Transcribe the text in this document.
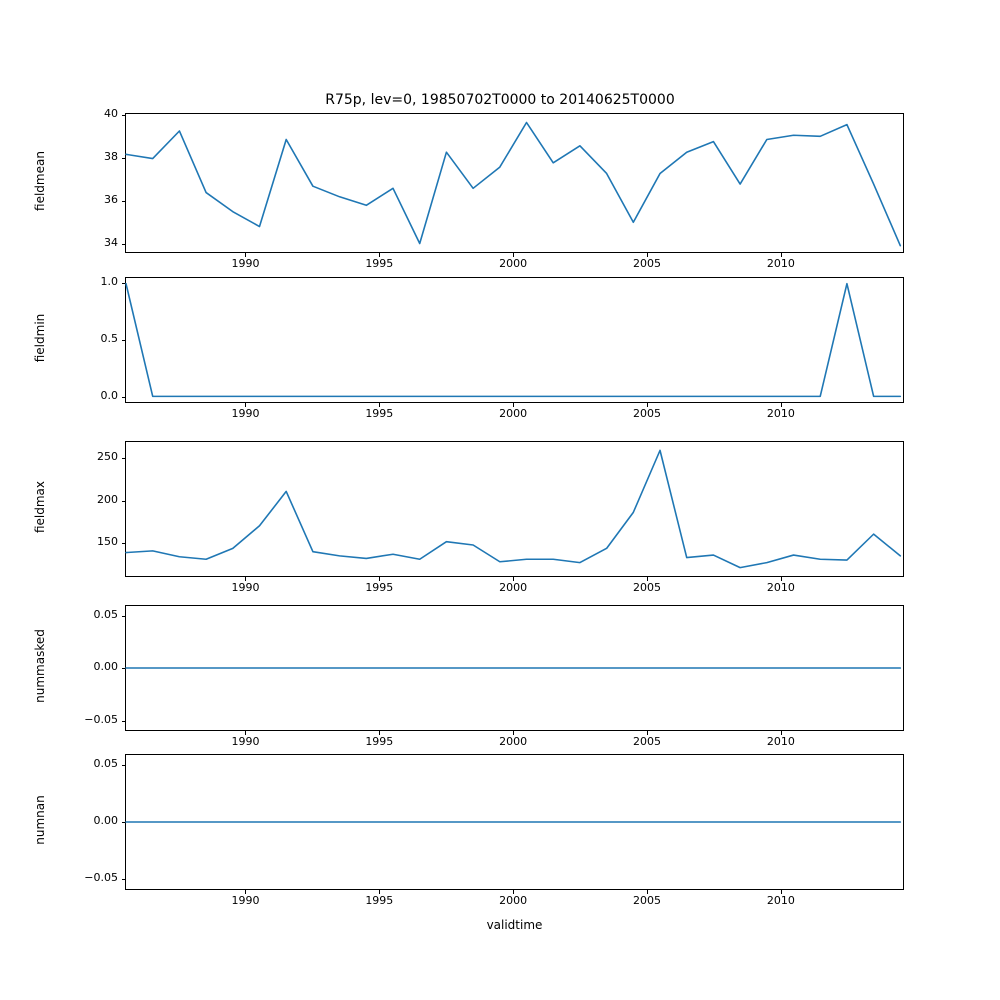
R75p, lev=0, 19850702T0000 to 20140625T0000
34
36
38
40
1990	1995	2000	2005	2010
fieldmean
0.0
0.5
1.0
1990	1995	2000	2005	2010
fieldmin
150
200
250
1990	1995	2000	2005	2010
fieldmax
−0.05
0.00
0.05
1990	1995	2000	2005	2010
nummasked
−0.05
0.00
0.05
1990	1995	2000	2005	2010
numnan
validtime
